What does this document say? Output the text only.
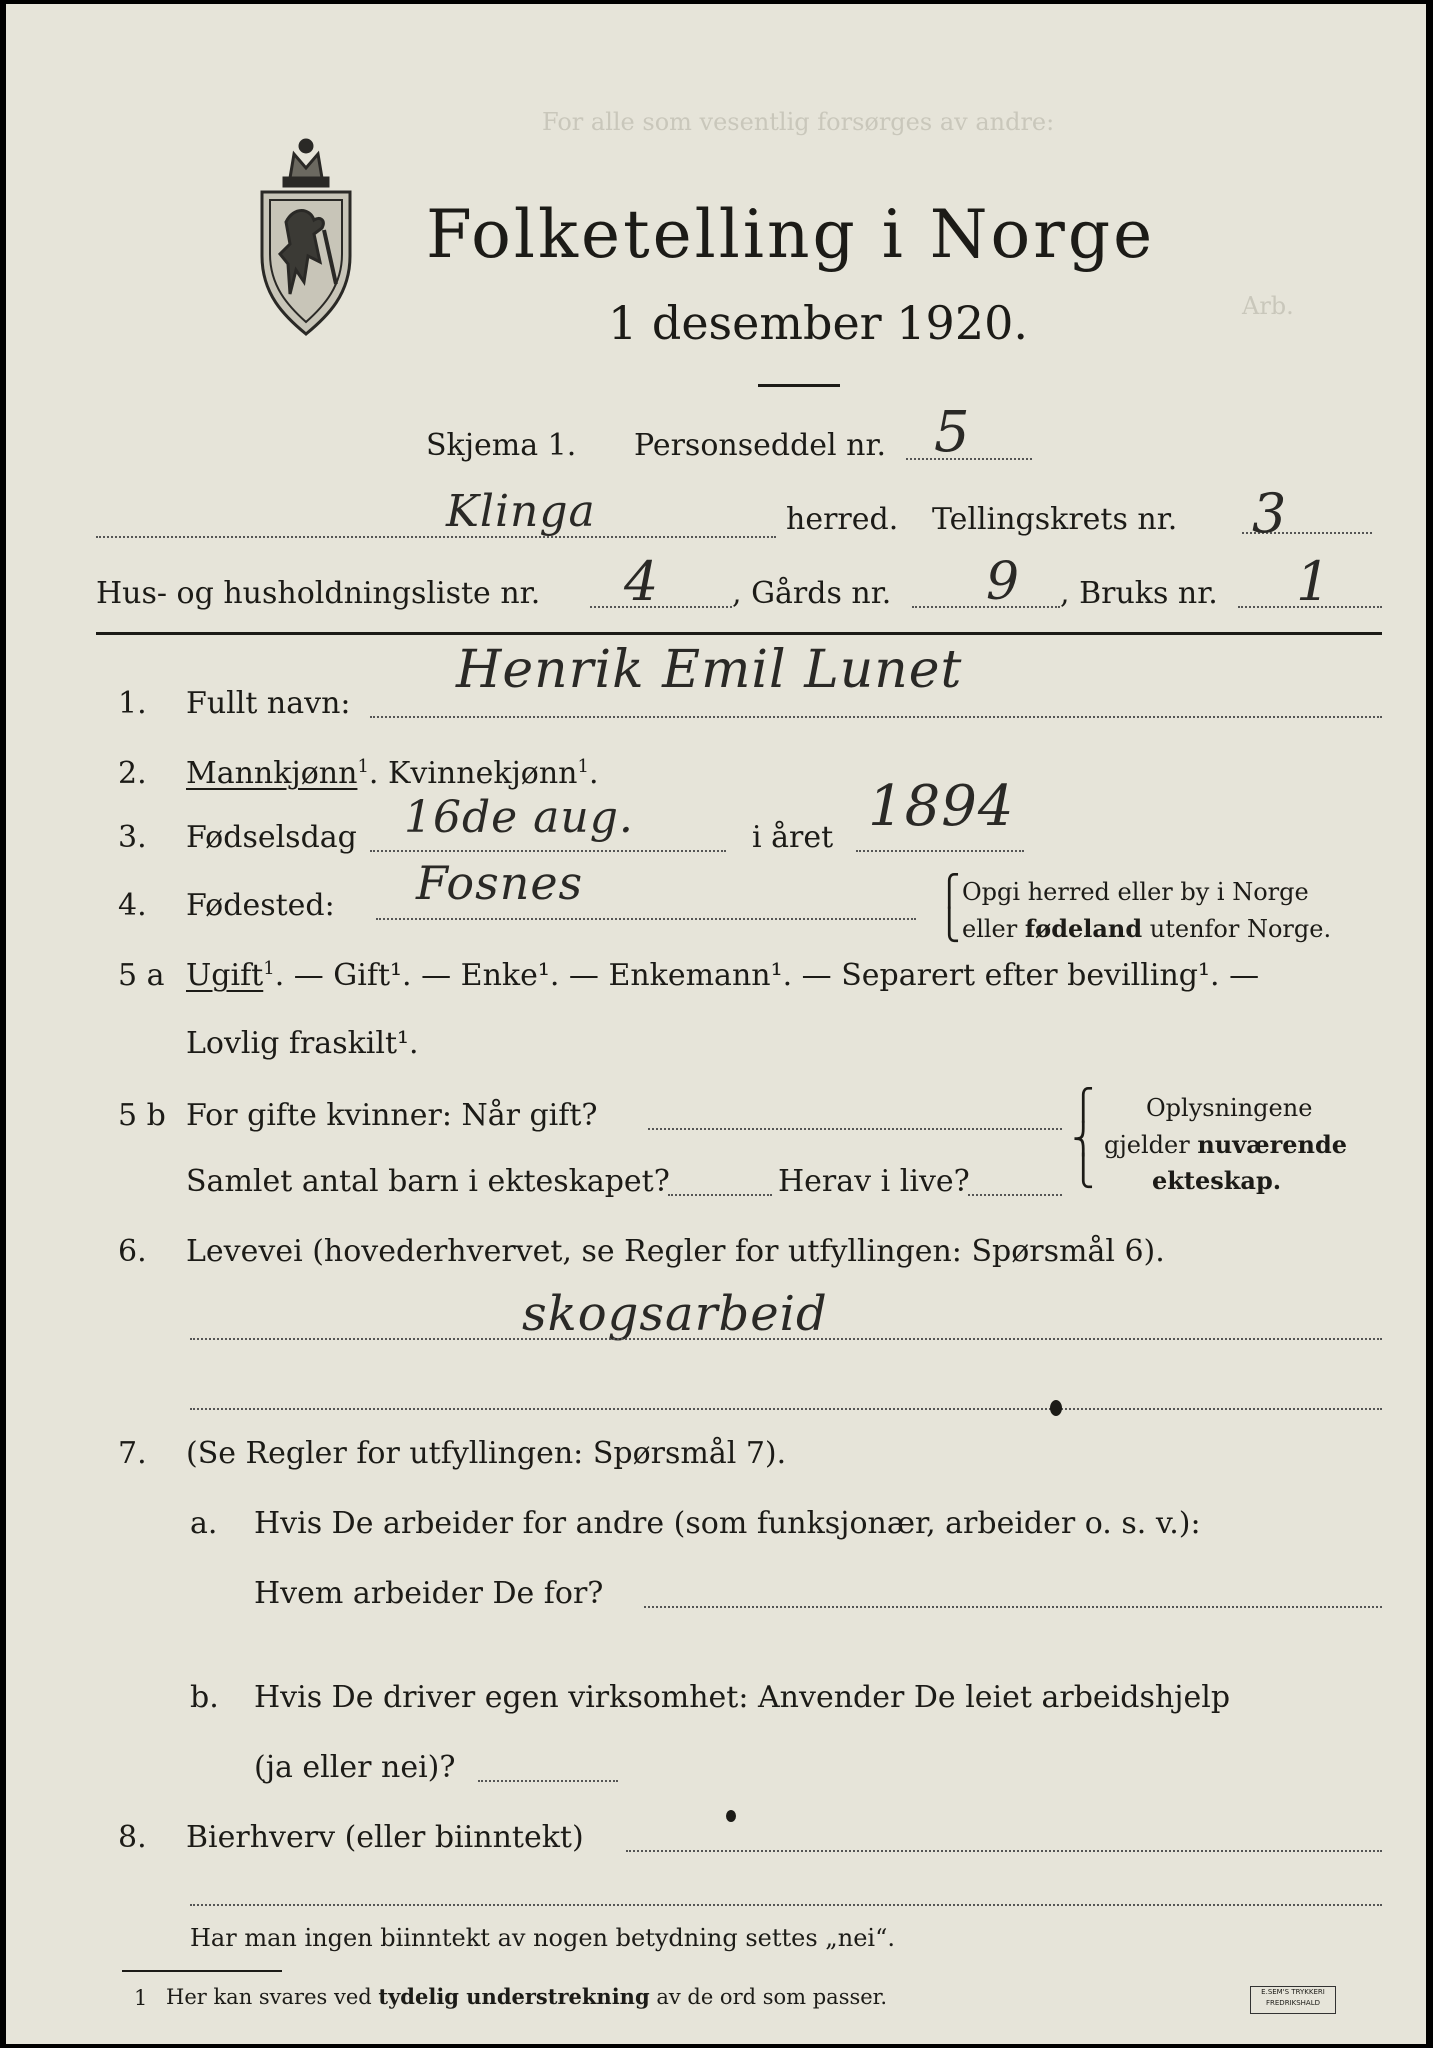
Folketelling i Norge
1 desember 1920.
For alle som vesentlig forsørges av andre:
Arb.
Skjema 1. Personseddel nr. 5
Klinga	herred. Tellingskrets nr. 3
Hus- og husholdningsliste nr. 4 , Gårds nr. 9 , Bruks nr. 1
1. Fullt navn:
Henrik Emil Lunet
2. Mannkjønn$^1$. Kvinnekjønn$^1$.
3. Fødselsdag 16de aug.	i året 1894
4. Fødested: Fosnes	⎧
⎩
Opgi herred eller by i Norge
eller fødeland utenfor Norge.
5 a Ugift$^1$. — Gift¹. — Enke¹. — Enkemann¹. — Separert efter bevilling¹. —
Lovlig fraskilt¹.
5 b For gifte kvinner: Når gift?
Samlet antal barn i ekteskapet?	Herav i live?
⎧
⎨
⎩
Oplysningene
gjelder nuværende
ekteskap.
6. Levevei (hovederhvervet, se Regler for utfyllingen: Spørsmål 6).
skogsarbeid
7. (Se Regler for utfyllingen: Spørsmål 7).
a. Hvis De arbeider for andre (som funksjonær, arbeider o. s. v.):
Hvem arbeider De for?
b. Hvis De driver egen virksomhet: Anvender De leiet arbeidshjelp
(ja eller nei)?
8. Bierhverv (eller biinntekt)
Har man ingen biinntekt av nogen betydning settes „nei“.
1 Her kan svares ved tydelig understrekning av de ord som passer.	E.SEM'S TRYKKERI
FREDRIKSHALD
